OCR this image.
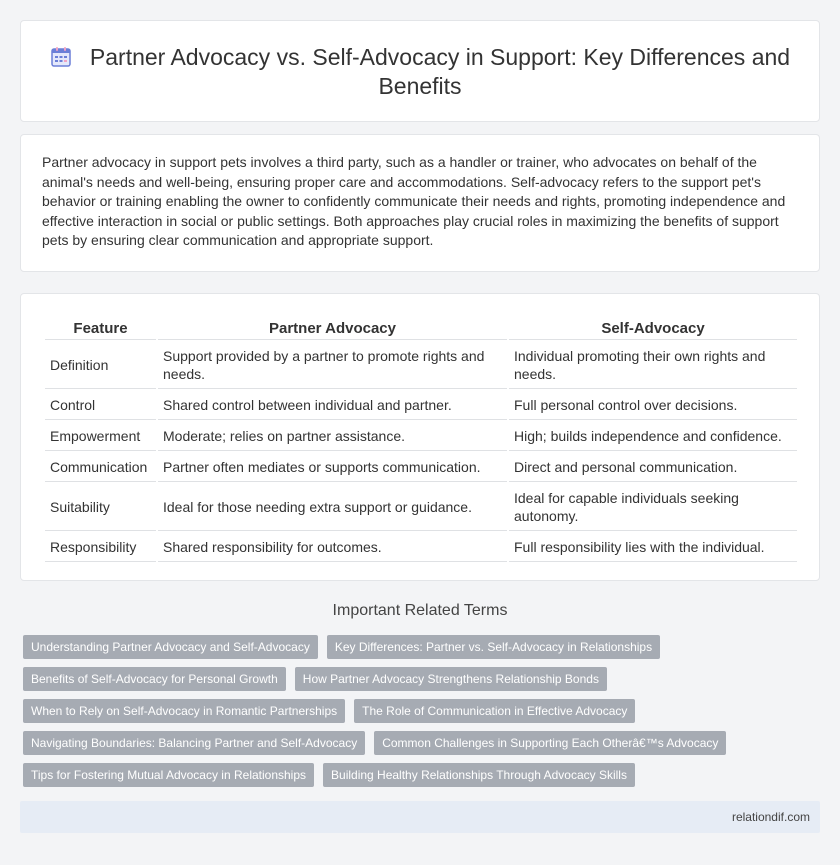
Partner Advocacy vs. Self-Advocacy in Support: Key Differences and Benefits

Partner advocacy in support pets involves a third party, such as a handler or trainer, who advocates on behalf of the animal's needs and well-being, ensuring proper care and accommodations. Self-advocacy refers to the support pet's behavior or training enabling the owner to confidently communicate their needs and rights, promoting independence and effective interaction in social or public settings. Both approaches play crucial roles in maximizing the benefits of support pets by ensuring clear communication and appropriate support.

Feature	Partner Advocacy	Self-Advocacy
Definition	Support provided by a partner to promote rights and needs.	Individual promoting their own rights and needs.
Control	Shared control between individual and partner.	Full personal control over decisions.
Empowerment	Moderate; relies on partner assistance.	High; builds independence and confidence.
Communication	Partner often mediates or supports communication.	Direct and personal communication.
Suitability	Ideal for those needing extra support or guidance.	Ideal for capable individuals seeking autonomy.
Responsibility	Shared responsibility for outcomes.	Full responsibility lies with the individual.
Important Related Terms
Understanding Partner Advocacy and Self-Advocacy	Key Differences: Partner vs. Self-Advocacy in Relationships
Benefits of Self-Advocacy for Personal Growth	How Partner Advocacy Strengthens Relationship Bonds
When to Rely on Self-Advocacy in Romantic Partnerships	The Role of Communication in Effective Advocacy
Navigating Boundaries: Balancing Partner and Self-Advocacy	Common Challenges in Supporting Each Otherâ€™s Advocacy
Tips for Fostering Mutual Advocacy in Relationships	Building Healthy Relationships Through Advocacy Skills
relationdif.com
